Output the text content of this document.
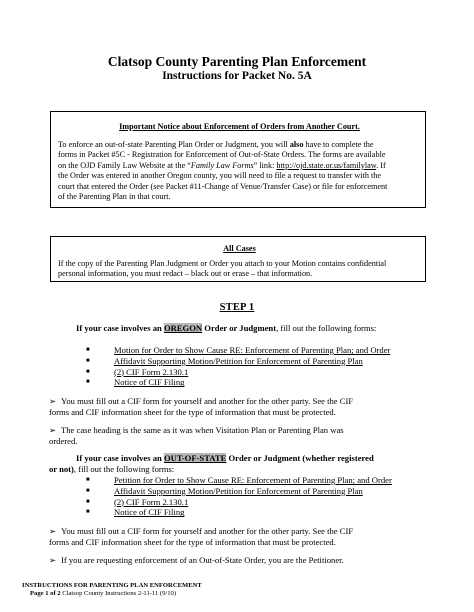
Clatsop County Parenting Plan Enforcement
Instructions for Packet No. 5A
Important Notice about Enforcement of Orders from Another Court.
To enforce an out-of-state Parenting Plan Order or Judgment, you will also have to complete the
forms in Packet #5C - Registration for Enforcement of Out-of-State Orders. The forms are available
on the OJD Family Law Website at the “Family Law Forms” link: http://ojd.state.or.us/familylaw. If
the Order was entered in another Oregon county, you will need to file a request to transfer with the
court that entered the Order (see Packet #11-Change of Venue/Transfer Case) or file for enforcement
of the Parenting Plan in that court.
All Cases
If the copy of the Parenting Plan Judgment or Order you attach to your Motion contains confidential
personal information, you must redact – black out or erase – that information.
STEP 1
If your case involves an OREGON Order or Judgment, fill out the following forms:
■ Motion for Order to Show Cause RE: Enforcement of Parenting Plan; and Order
■ Affidavit Supporting Motion/Petition for Enforcement of Parenting Plan
■ (2) CIF Form 2.130.1
■ Notice of CIF Filing
➢ You must fill out a CIF form for yourself and another for the other party. See the CIF
forms and CIF information sheet for the type of information that must be protected.
➢ The case heading is the same as it was when Visitation Plan or Parenting Plan was
ordered.
If your case involves an OUT-OF-STATE Order or Judgment (whether registered
or not), fill out the following forms:
■ Petition for Order to Show Cause RE: Enforcement of Parenting Plan; and Order
■ Affidavit Supporting Motion/Petition for Enforcement of Parenting Plan
■ (2) CIF Form 2.130.1
■ Notice of CIF Filing
➢ You must fill out a CIF form for yourself and another for the other party. See the CIF
forms and CIF information sheet for the type of information that must be protected.
➢ If you are requesting enforcement of an Out-of-State Order, you are the Petitioner.
INSTRUCTIONS FOR PARENTING PLAN ENFORCEMENT
Page 1 of 2 Clatsop County Instructions 2-11-11 (9/10)
